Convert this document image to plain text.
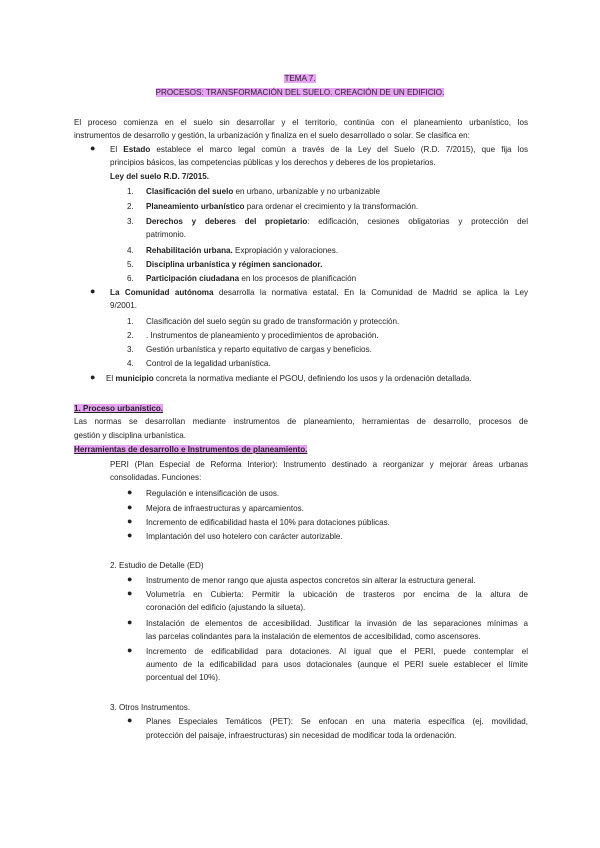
TEMA 7.
PROCESOS: TRANSFORMACIÓN DEL SUELO. CREACIÓN DE UN EDIFICIO.
El proceso comienza en el suelo sin desarrollar y el territorio, continúa con el planeamiento urbanístico, los
instrumentos de desarrollo y gestión, la urbanización y finaliza en el suelo desarrollado o solar. Se clasifica en:
● El Estado establece el marco legal común a través de la Ley del Suelo (R.D. 7/2015), que fija los
principios básicos, las competencias públicas y los derechos y deberes de los propietarios.
Ley del suelo R.D. 7/2015.
1. Clasificación del suelo en urbano, urbanizable y no urbanizable
2. Planeamiento urbanístico para ordenar el crecimiento y la transformación.
3. Derechos y deberes del propietario: edificación, cesiones obligatorias y protección del
patrimonio.
4. Rehabilitación urbana. Expropiación y valoraciones.
5. Disciplina urbanística y régimen sancionador.
6. Participación ciudadana en los procesos de planificación
● La Comunidad autónoma desarrolla la normativa estatal. En la Comunidad de Madrid se aplica la Ley
9/2001.
1. Clasificación del suelo según su grado de transformación y protección.
2. . Instrumentos de planeamiento y procedimientos de aprobación.
3. Gestión urbanística y reparto equitativo de cargas y beneficios.
4. Control de la legalidad urbanística.
● El municipio concreta la normativa mediante el PGOU, definiendo los usos y la ordenación detallada.
1. Proceso urbanístico.
Las normas se desarrollan mediante instrumentos de planeamiento, herramientas de desarrollo, procesos de
gestión y disciplina urbanística.
Herramientas de desarrollo e Instrumentos de planeamiento.
PERI (Plan Especial de Reforma Interior): Instrumento destinado a reorganizar y mejorar áreas urbanas
consolidadas. Funciones:
● Regulación e intensificación de usos.
● Mejora de infraestructuras y aparcamientos.
● Incremento de edificabilidad hasta el 10% para dotaciones públicas.
● Implantación del uso hotelero con carácter autorizable.
2. Estudio de Detalle (ED)
● Instrumento de menor rango que ajusta aspectos concretos sin alterar la estructura general.
● Volumetría en Cubierta: Permitir la ubicación de trasteros por encima de la altura de
coronación del edificio (ajustando la silueta).
● Instalación de elementos de accesibilidad. Justificar la invasión de las separaciones mínimas a
las parcelas colindantes para la instalación de elementos de accesibilidad, como ascensores.
● Incremento de edificabilidad para dotaciones. Al igual que el PERI, puede contemplar el
aumento de la edificabilidad para usos dotacionales (aunque el PERI suele establecer el límite
porcentual del 10%).
3. Otros Instrumentos.
● Planes Especiales Temáticos (PET): Se enfocan en una materia específica (ej. movilidad,
protección del paisaje, infraestructuras) sin necesidad de modificar toda la ordenación.
